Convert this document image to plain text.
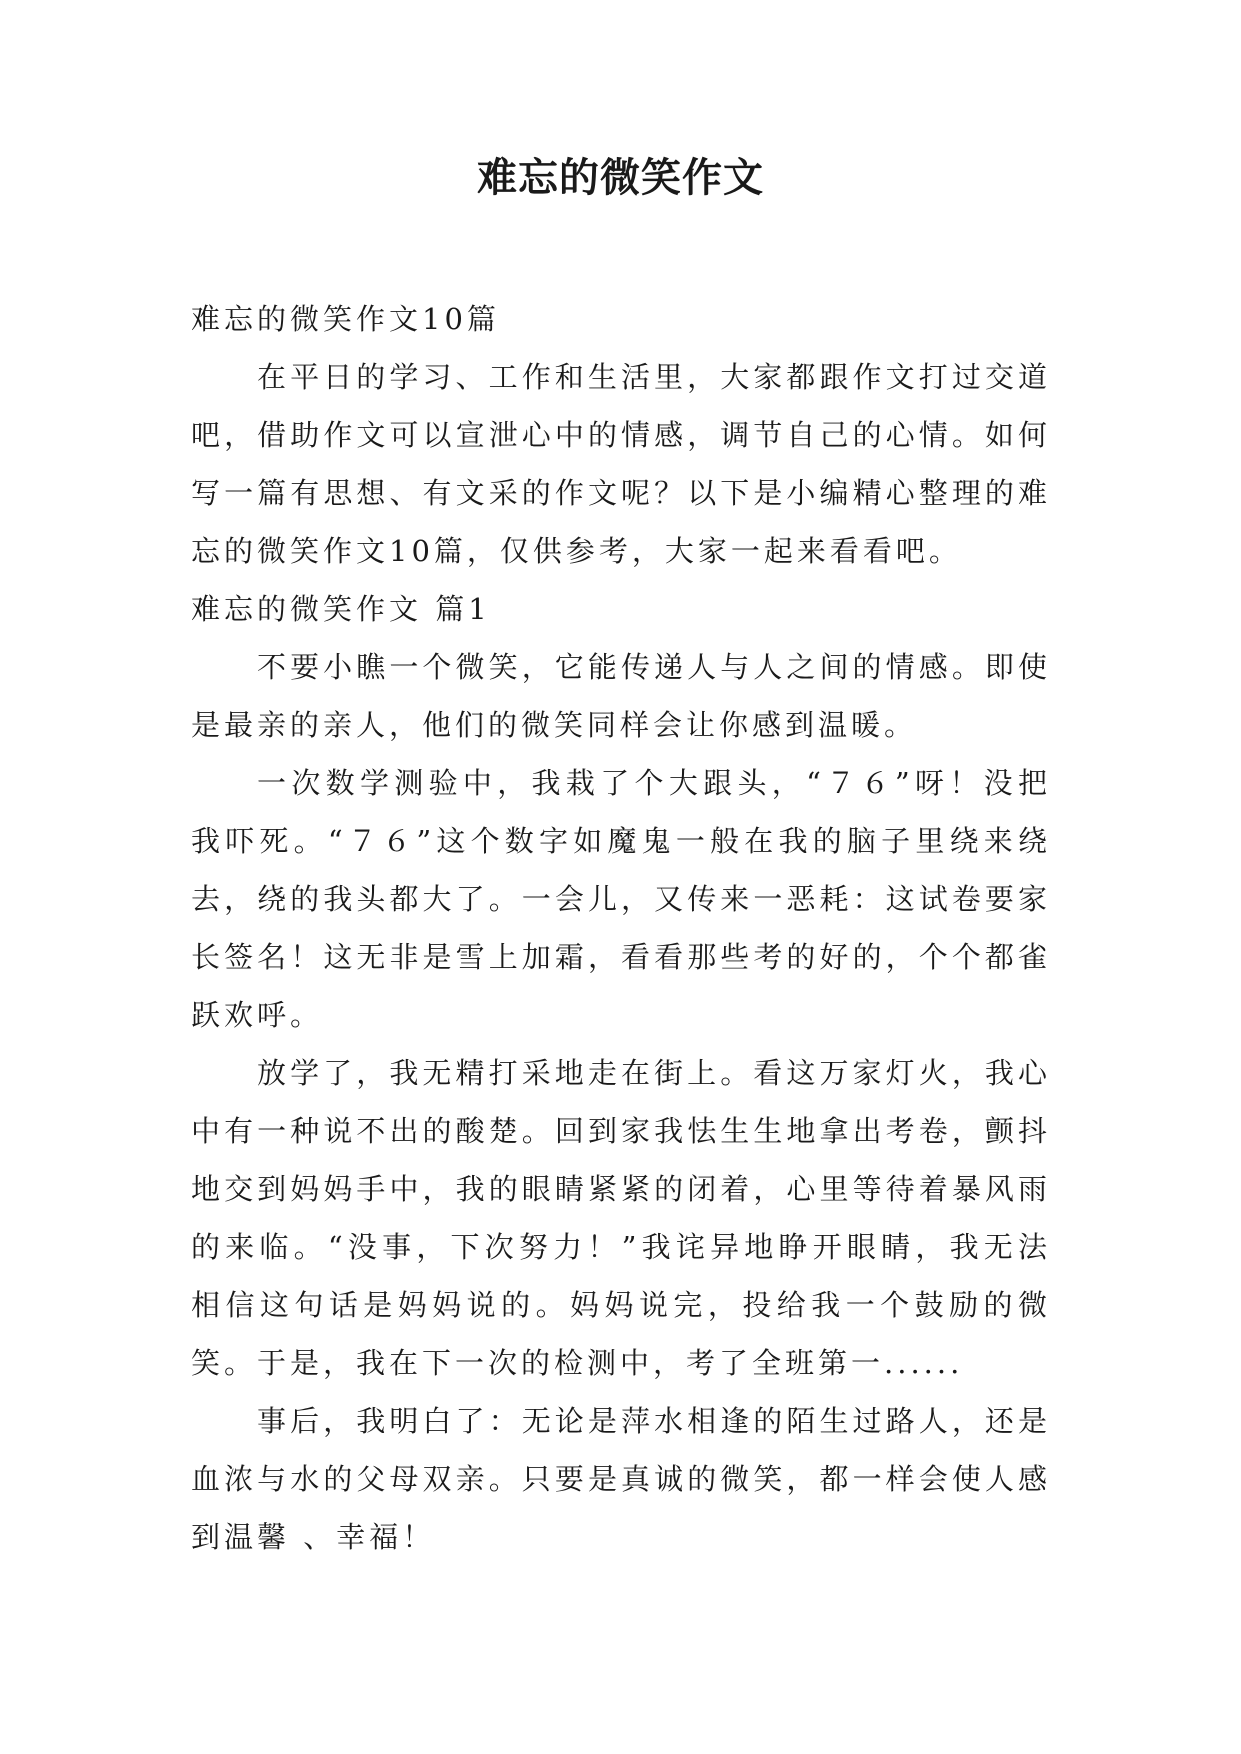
难忘的微笑作文

难忘的微笑作文10篇

在平日的学习、工作和生活里，大家都跟作文打过交道吧，借助作文可以宣泄心中的情感，调节自己的心情。如何写一篇有思想、有文采的作文呢？以下是小编精心整理的难忘的微笑作文10篇，仅供参考，大家一起来看看吧。

难忘的微笑作文 篇1

不要小瞧一个微笑，它能传递人与人之间的情感。即使是最亲的亲人，他们的微笑同样会让你感到温暖。

一次数学测验中，我栽了个大跟头，“７６”呀！没把我吓死。“７６”这个数字如魔鬼一般在我的脑子里绕来绕去，绕的我头都大了。一会儿，又传来一恶耗：这试卷要家长签名！这无非是雪上加霜，看看那些考的好的，个个都雀跃欢呼。

放学了，我无精打采地走在街上。看这万家灯火，我心中有一种说不出的酸楚。回到家我怯生生地拿出考卷，颤抖地交到妈妈手中，我的眼睛紧紧的闭着，心里等待着暴风雨的来临。“没事，下次努力！”我诧异地睁开眼睛，我无法相信这句话是妈妈说的。妈妈说完，投给我一个鼓励的微笑。于是，我在下一次的检测中，考了全班第一......

事后，我明白了：无论是萍水相逢的陌生过路人，还是血浓与水的父母双亲。只要是真诚的微笑，都一样会使人感到温馨 、幸福！
